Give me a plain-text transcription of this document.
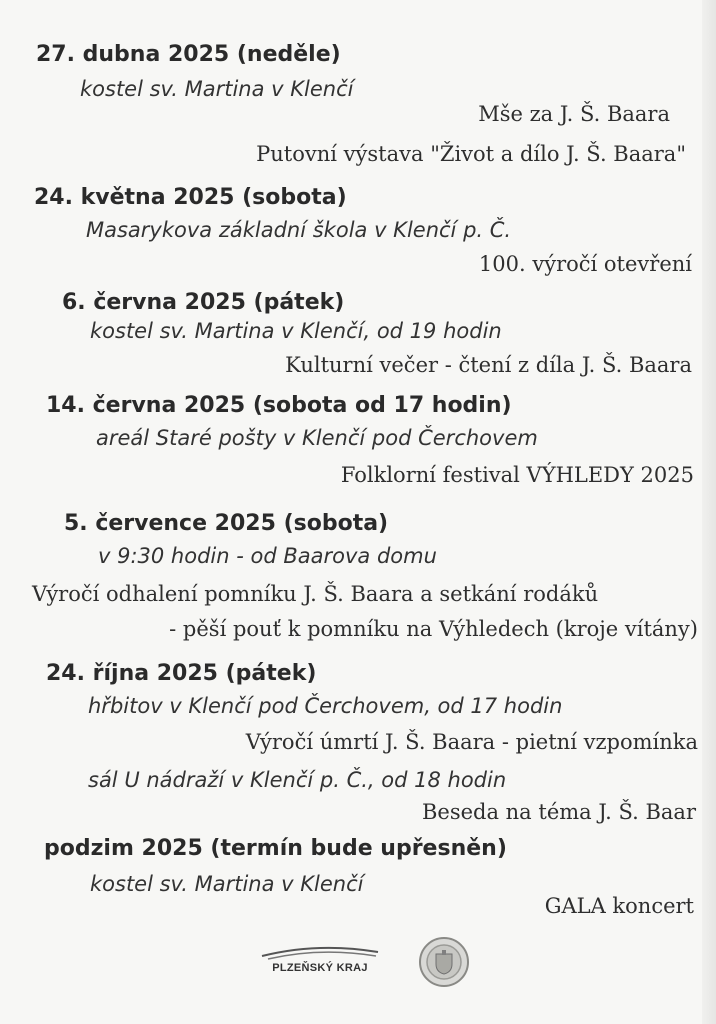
27. dubna 2025 (neděle)
kostel sv. Martina v Klenčí
Mše za J. Š. Baara
Putovní výstava "Život a dílo J. Š. Baara"
24. května 2025 (sobota)
Masarykova základní škola v Klenčí p. Č.
100. výročí otevření
6. června 2025 (pátek)
kostel sv. Martina v Klenčí, od 19 hodin
Kulturní večer - čtení z díla J. Š. Baara
14. června 2025 (sobota od 17 hodin)
areál Staré pošty v Klenčí pod Čerchovem
Folklorní festival VÝHLEDY 2025
5. července 2025 (sobota)
v 9:30 hodin - od Baarova domu
Výročí odhalení pomníku J. Š. Baara a setkání rodáků
- pěší pouť k pomníku na Výhledech (kroje vítány)
24. října 2025 (pátek)
hřbitov v Klenčí pod Čerchovem, od 17 hodin
Výročí úmrtí J. Š. Baara - pietní vzpomínka
sál U nádraží v Klenčí p. Č., od 18 hodin
Beseda na téma J. Š. Baar
podzim 2025 (termín bude upřesněn)
kostel sv. Martina v Klenčí
GALA koncert
PLZEŇSKÝ KRAJ
